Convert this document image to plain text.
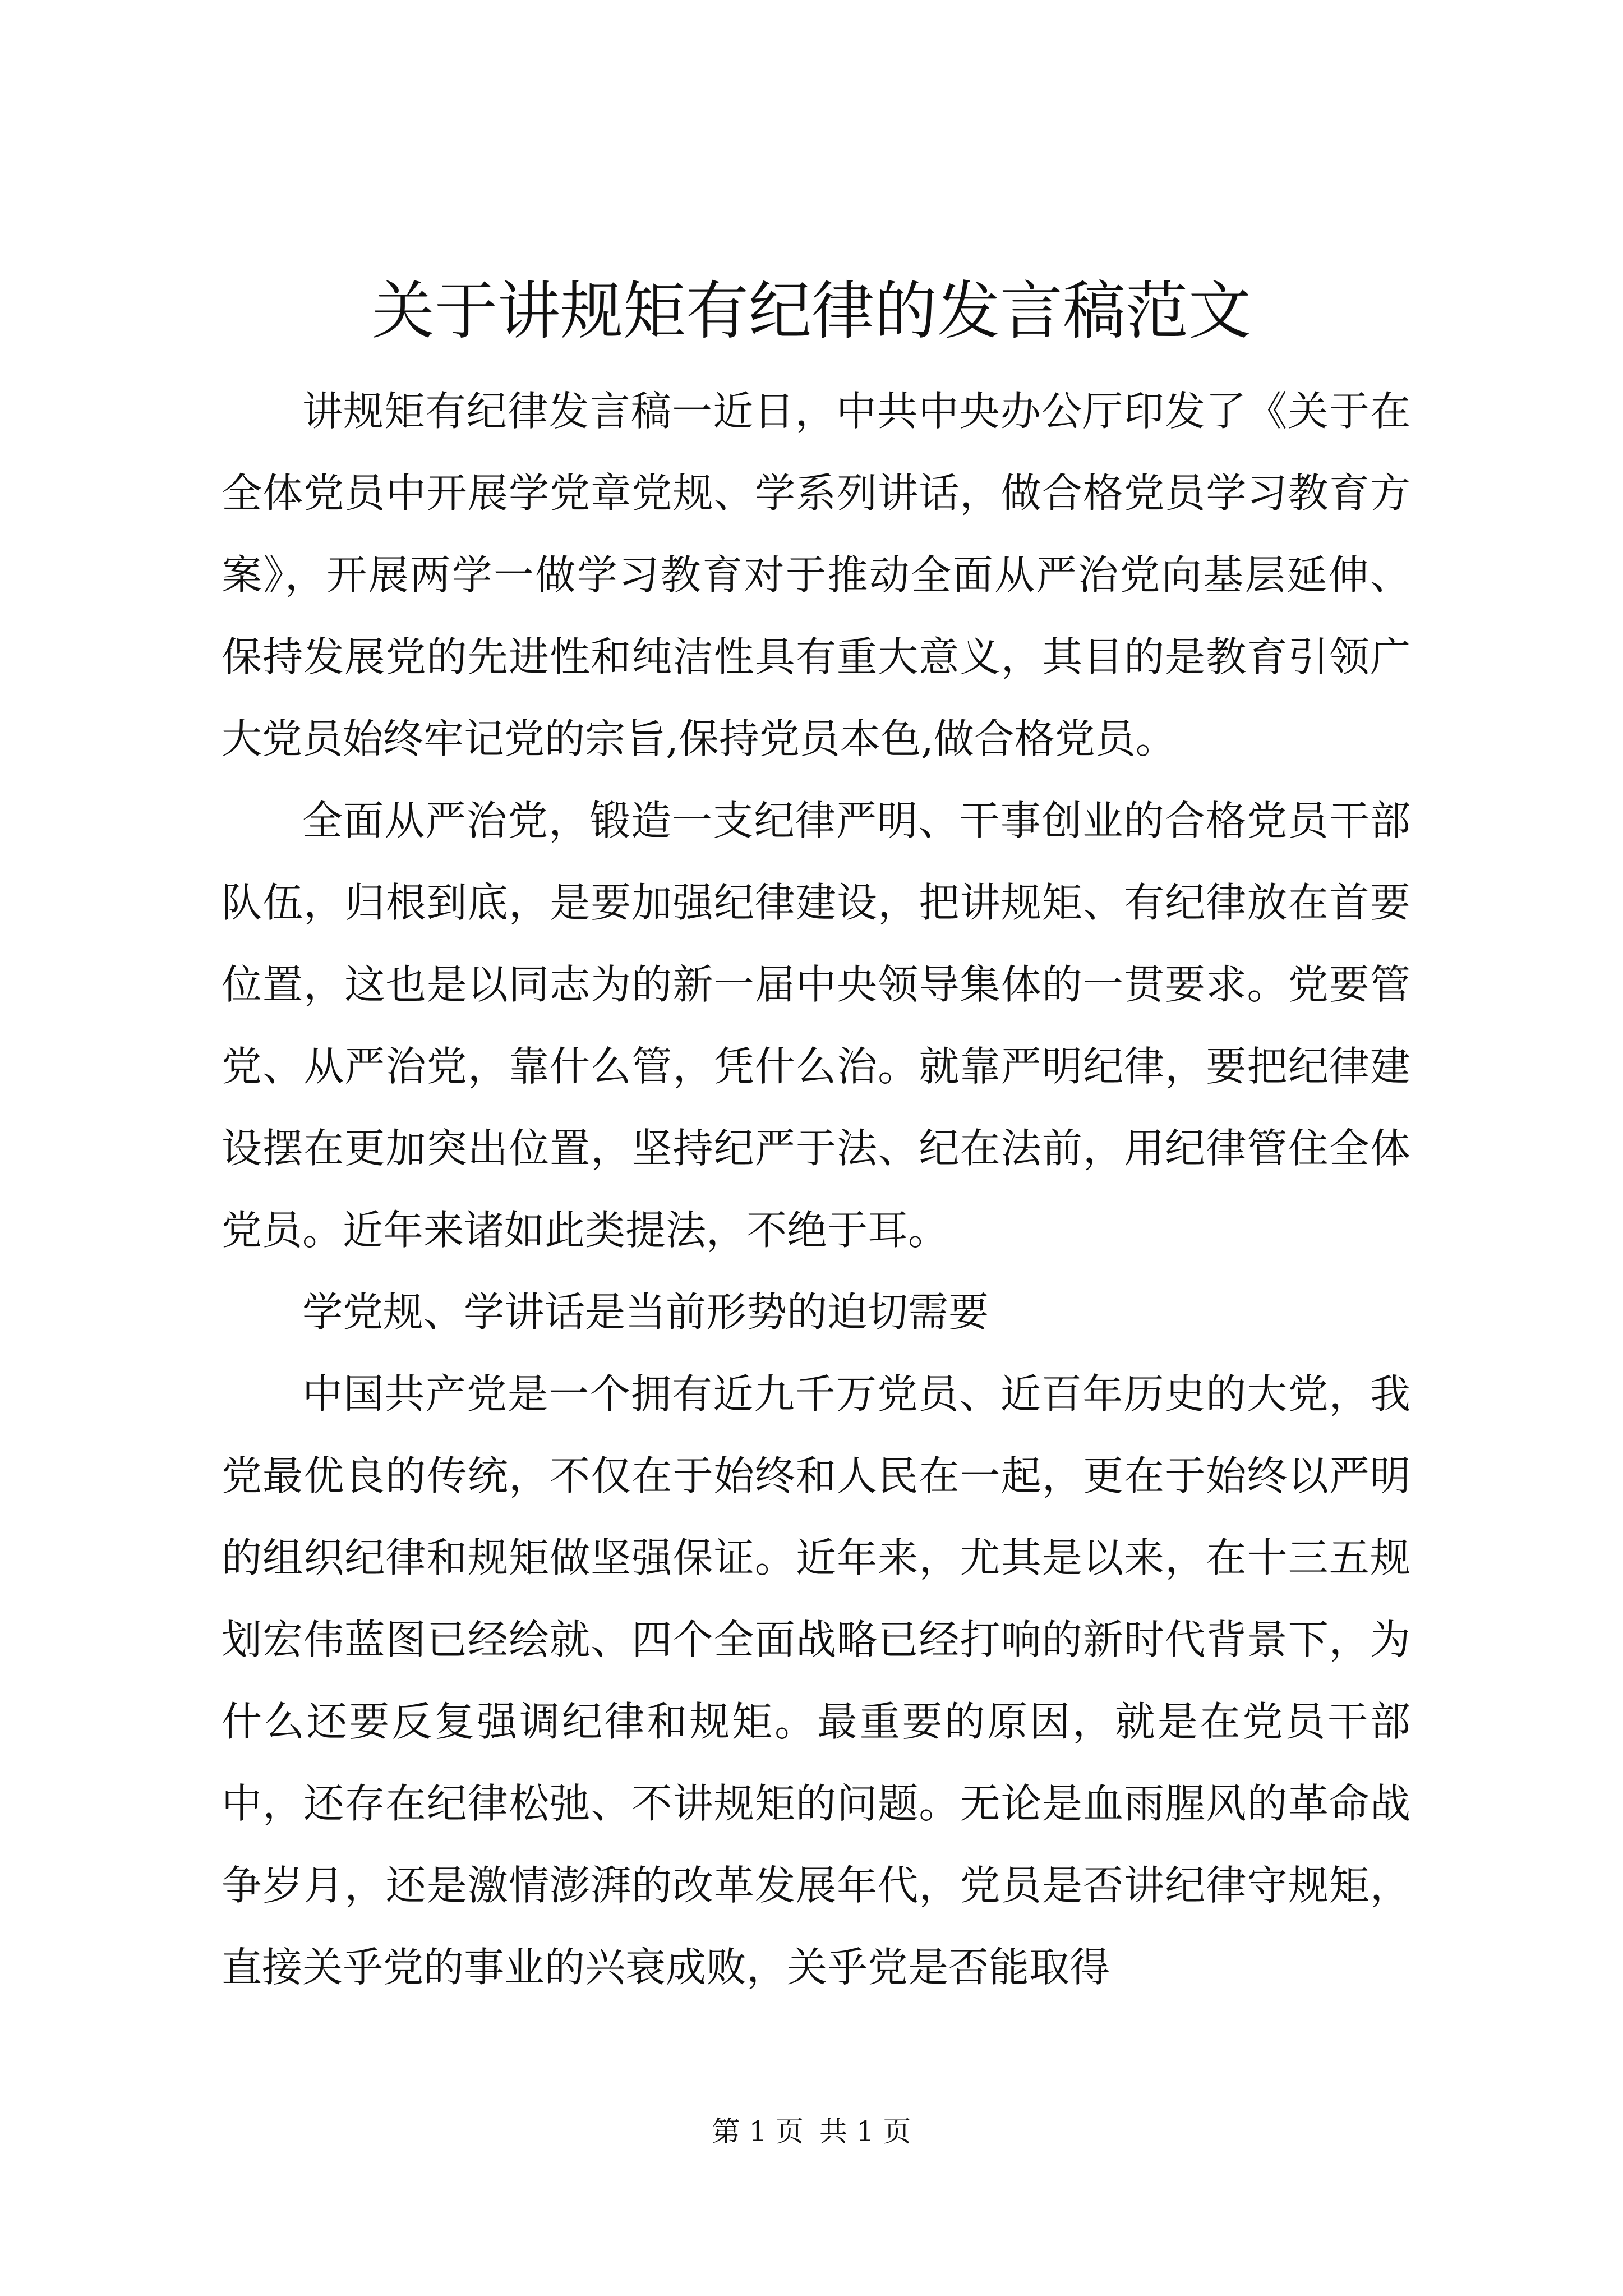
关于讲规矩有纪律的发言稿范文

讲规矩有纪律发言稿一近日，中共中央办公厅印发了《关于在全体党员中开展学党章党规、学系列讲话，做合格党员学习教育方案》，开展两学一做学习教育对于推动全面从严治党向基层延伸、保持发展党的先进性和纯洁性具有重大意义，其目的是教育引领广大党员始终牢记党的宗旨,保持党员本色,做合格党员。

全面从严治党，锻造一支纪律严明、干事创业的合格党员干部队伍，归根到底，是要加强纪律建设，把讲规矩、有纪律放在首要位置，这也是以同志为的新一届中央领导集体的一贯要求。党要管党、从严治党，靠什么管，凭什么治。就靠严明纪律，要把纪律建设摆在更加突出位置，坚持纪严于法、纪在法前，用纪律管住全体党员。近年来诸如此类提法，不绝于耳。

学党规、学讲话是当前形势的迫切需要

中国共产党是一个拥有近九千万党员、近百年历史的大党，我党最优良的传统，不仅在于始终和人民在一起，更在于始终以严明的组织纪律和规矩做坚强保证。近年来，尤其是以来，在十三五规划宏伟蓝图已经绘就、四个全面战略已经打响的新时代背景下，为什么还要反复强调纪律和规矩。最重要的原因，就是在党员干部中，还存在纪律松弛、不讲规矩的问题。无论是血雨腥风的革命战争岁月，还是激情澎湃的改革发展年代，党员是否讲纪律守规矩，直接关乎党的事业的兴衰成败，关乎党是否能取得

第 1 页 共 1 页
